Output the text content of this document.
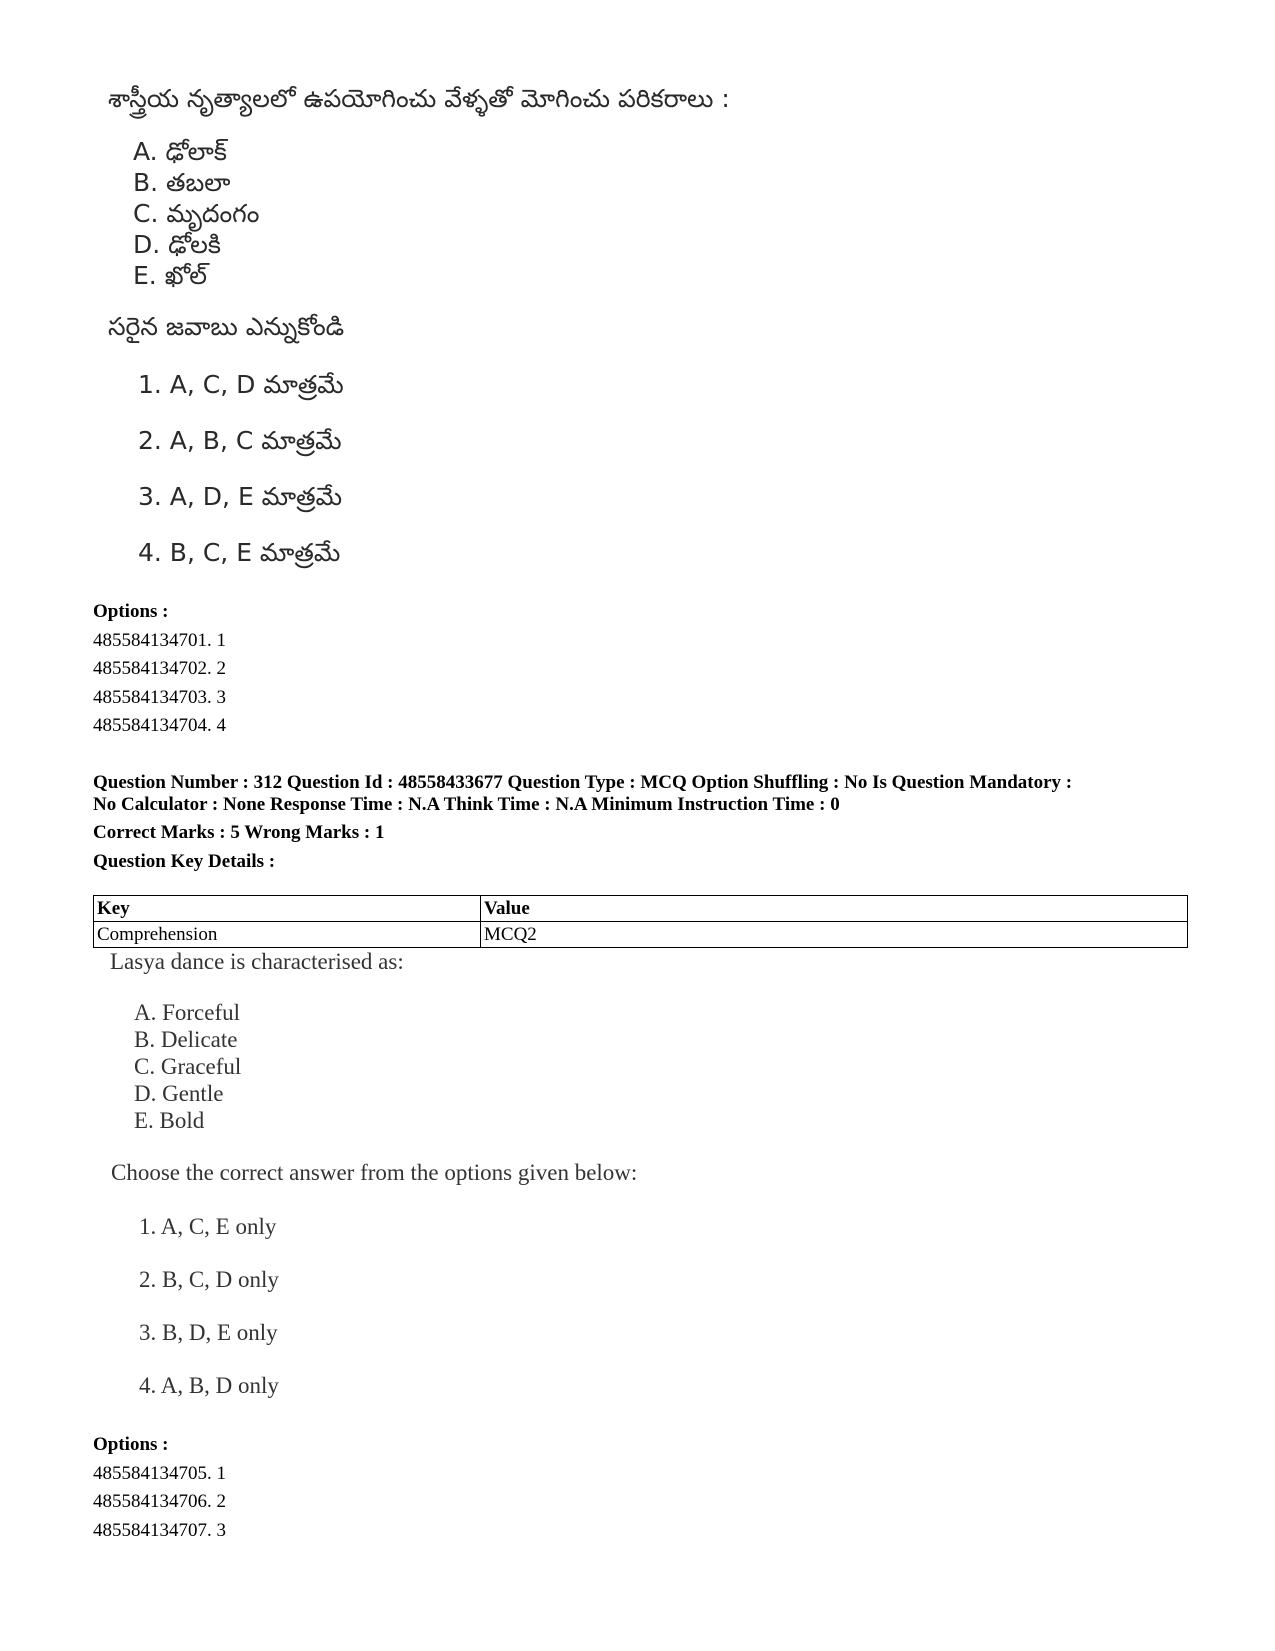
శాస్త్రీయ నృత్యాలలో ఉపయోగించు వేళ్ళతో మోగించు పరికరాలు :
A. ఢోలాక్
B. తబలా
C. మృదంగం
D. ఢోలకి
E. ఖోల్
సరైన జవాబు ఎన్నుకోండి
1. A, C, D మాత్రమే
2. A, B, C మాత్రమే
3. A, D, E మాత్రమే
4. B, C, E మాత్రమే
Options :
485584134701. 1
485584134702. 2
485584134703. 3
485584134704. 4
Question Number : 312 Question Id : 48558433677 Question Type : MCQ Option Shuffling : No Is Question Mandatory :
No Calculator : None Response Time : N.A Think Time : N.A Minimum Instruction Time : 0
Correct Marks : 5 Wrong Marks : 1
Question Key Details :
Key	Value
Comprehension	MCQ2
Lasya dance is characterised as:
A. Forceful
B. Delicate
C. Graceful
D. Gentle
E. Bold
Choose the correct answer from the options given below:
1. A, C, E only
2. B, C, D only
3. B, D, E only
4. A, B, D only
Options :
485584134705. 1
485584134706. 2
485584134707. 3
